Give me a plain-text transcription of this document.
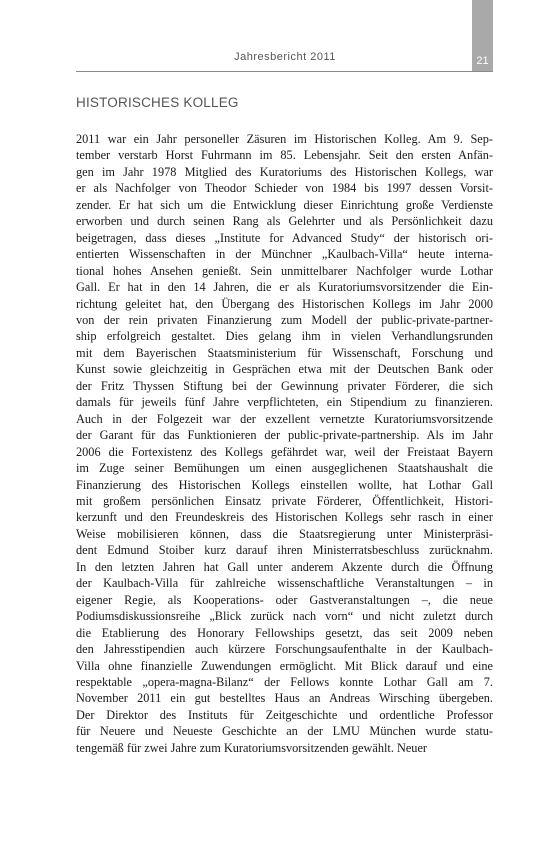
Jahresbericht 2011	21
HISTORISCHES KOLLEG
2011 war ein Jahr personeller Zäsuren im Historischen Kolleg. Am 9. Sep-
tember verstarb Horst Fuhrmann im 85. Lebensjahr. Seit den ersten Anfän-
gen im Jahr 1978 Mitglied des Kuratoriums des Historischen Kollegs, war
er als Nachfolger von Theodor Schieder von 1984 bis 1997 dessen Vorsit-
zender. Er hat sich um die Entwicklung dieser Einrichtung große Verdienste
erworben und durch seinen Rang als Gelehrter und als Persönlichkeit dazu
beigetragen, dass dieses „Institute for Advanced Study“ der historisch ori-
entierten Wissenschaften in der Münchner „Kaulbach-Villa“ heute interna-
tional hohes Ansehen genießt. Sein unmittelbarer Nachfolger wurde Lothar
Gall. Er hat in den 14 Jahren, die er als Kuratoriumsvorsitzender die Ein-
richtung geleitet hat, den Übergang des Historischen Kollegs im Jahr 2000
von der rein privaten Finanzierung zum Modell der public-private-partner-
ship erfolgreich gestaltet. Dies gelang ihm in vielen Verhandlungsrunden
mit dem Bayerischen Staatsministerium für Wissenschaft, Forschung und
Kunst sowie gleichzeitig in Gesprächen etwa mit der Deutschen Bank oder
der Fritz Thyssen Stiftung bei der Gewinnung privater Förderer, die sich
damals für jeweils fünf Jahre verpflichteten, ein Stipendium zu finanzieren.
Auch in der Folgezeit war der exzellent vernetzte Kuratoriumsvorsitzende
der Garant für das Funktionieren der public-private-partnership. Als im Jahr
2006 die Fortexistenz des Kollegs gefährdet war, weil der Freistaat Bayern
im Zuge seiner Bemühungen um einen ausgeglichenen Staatshaushalt die
Finanzierung des Historischen Kollegs einstellen wollte, hat Lothar Gall
mit großem persönlichen Einsatz private Förderer, Öffentlichkeit, Histori-
kerzunft und den Freundeskreis des Historischen Kollegs sehr rasch in einer
Weise mobilisieren können, dass die Staatsregierung unter Ministerpräsi-
dent Edmund Stoiber kurz darauf ihren Ministerratsbeschluss zurücknahm.
In den letzten Jahren hat Gall unter anderem Akzente durch die Öffnung
der Kaulbach-Villa für zahlreiche wissenschaftliche Veranstaltungen – in
eigener Regie, als Kooperations- oder Gastveranstaltungen –, die neue
Podiumsdiskussionsreihe „Blick zurück nach vorn“ und nicht zuletzt durch
die Etablierung des Honorary Fellowships gesetzt, das seit 2009 neben
den Jahresstipendien auch kürzere Forschungsaufenthalte in der Kaulbach-
Villa ohne finanzielle Zuwendungen ermöglicht. Mit Blick darauf und eine
respektable „opera-magna-Bilanz“ der Fellows konnte Lothar Gall am 7.
November 2011 ein gut bestelltes Haus an Andreas Wirsching übergeben.
Der Direktor des Instituts für Zeitgeschichte und ordentliche Professor
für Neuere und Neueste Geschichte an der LMU München wurde statu-
tengemäß für zwei Jahre zum Kuratoriumsvorsitzenden gewählt. Neuer
